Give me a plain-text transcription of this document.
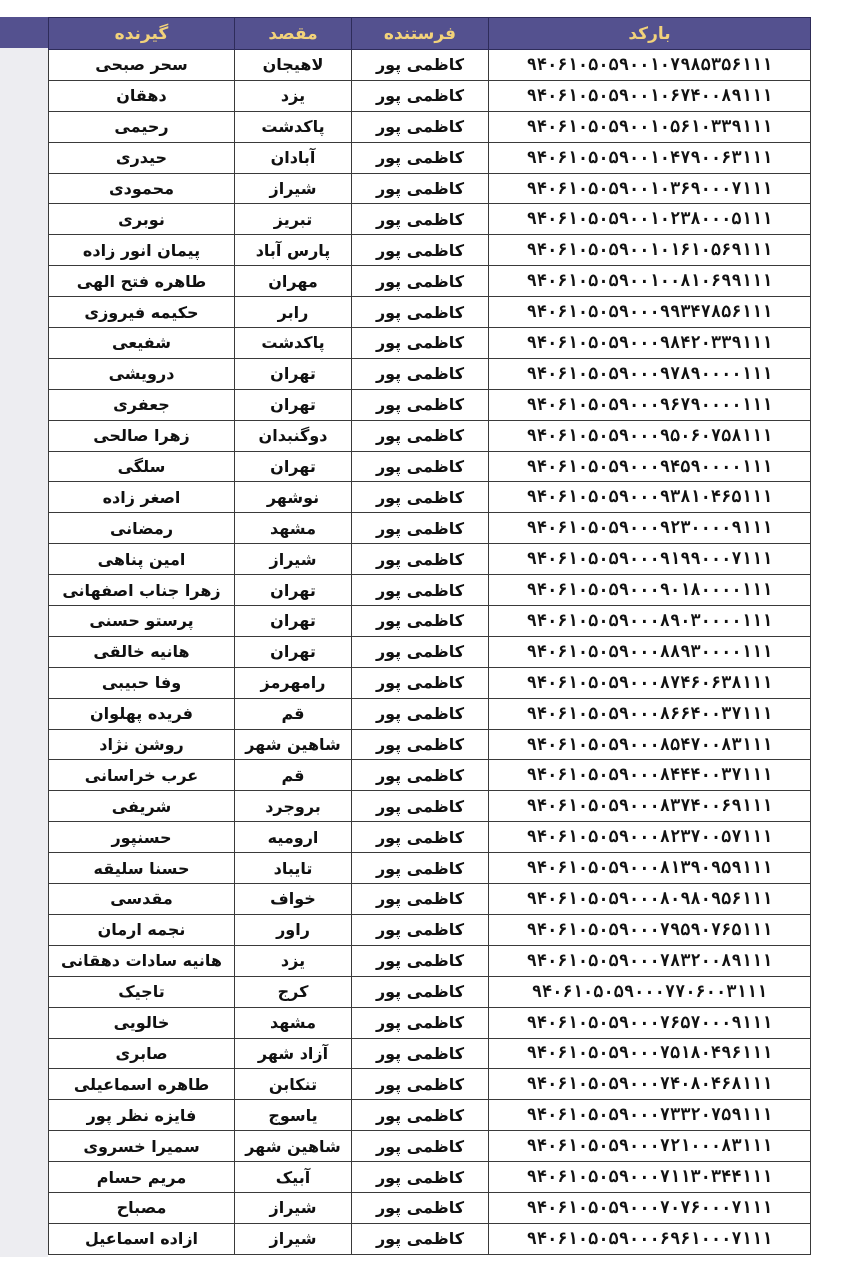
بارکد	فرستنده	مقصد	گیرنده
۹۴۰۶۱۰۵۰۵۹۰۰۱۰۷۹۸۵۳۵۶۱۱۱	کاظمی پور	لاهیجان	سحر صبحی
۹۴۰۶۱۰۵۰۵۹۰۰۱۰۶۷۴۰۰۸۹۱۱۱	کاظمی پور	یزد	دهقان
۹۴۰۶۱۰۵۰۵۹۰۰۱۰۵۶۱۰۳۳۹۱۱۱	کاظمی پور	پاکدشت	رحیمی
۹۴۰۶۱۰۵۰۵۹۰۰۱۰۴۷۹۰۰۶۳۱۱۱	کاظمی پور	آبادان	حیدری
۹۴۰۶۱۰۵۰۵۹۰۰۱۰۳۶۹۰۰۰۷۱۱۱	کاظمی پور	شیراز	محمودی
۹۴۰۶۱۰۵۰۵۹۰۰۱۰۲۳۸۰۰۰۵۱۱۱	کاظمی پور	تبریز	نوبری
۹۴۰۶۱۰۵۰۵۹۰۰۱۰۱۶۱۰۵۶۹۱۱۱	کاظمی پور	پارس آباد	پیمان انور زاده
۹۴۰۶۱۰۵۰۵۹۰۰۱۰۰۸۱۰۶۹۹۱۱۱	کاظمی پور	مهران	طاهره فتح الهی
۹۴۰۶۱۰۵۰۵۹۰۰۰۹۹۳۴۷۸۵۶۱۱۱	کاظمی پور	رابر	حکیمه فیروزی
۹۴۰۶۱۰۵۰۵۹۰۰۰۹۸۴۲۰۳۳۹۱۱۱	کاظمی پور	پاکدشت	شفیعی
۹۴۰۶۱۰۵۰۵۹۰۰۰۹۷۸۹۰۰۰۰۱۱۱	کاظمی پور	تهران	درویشی
۹۴۰۶۱۰۵۰۵۹۰۰۰۹۶۷۹۰۰۰۰۱۱۱	کاظمی پور	تهران	جعفری
۹۴۰۶۱۰۵۰۵۹۰۰۰۹۵۰۶۰۷۵۸۱۱۱	کاظمی پور	دوگنبدان	زهرا صالحی
۹۴۰۶۱۰۵۰۵۹۰۰۰۹۴۵۹۰۰۰۰۱۱۱	کاظمی پور	تهران	سلگی
۹۴۰۶۱۰۵۰۵۹۰۰۰۹۳۸۱۰۴۶۵۱۱۱	کاظمی پور	نوشهر	اصغر زاده
۹۴۰۶۱۰۵۰۵۹۰۰۰۹۲۳۰۰۰۰۹۱۱۱	کاظمی پور	مشهد	رمضانی
۹۴۰۶۱۰۵۰۵۹۰۰۰۹۱۹۹۰۰۰۷۱۱۱	کاظمی پور	شیراز	امین پناهی
۹۴۰۶۱۰۵۰۵۹۰۰۰۹۰۱۸۰۰۰۰۱۱۱	کاظمی پور	تهران	زهرا جناب اصفهانی
۹۴۰۶۱۰۵۰۵۹۰۰۰۸۹۰۳۰۰۰۰۱۱۱	کاظمی پور	تهران	پرستو حسنی
۹۴۰۶۱۰۵۰۵۹۰۰۰۸۸۹۳۰۰۰۰۱۱۱	کاظمی پور	تهران	هانیه خالقی
۹۴۰۶۱۰۵۰۵۹۰۰۰۸۷۴۶۰۶۳۸۱۱۱	کاظمی پور	رامهرمز	وفا حبیبی
۹۴۰۶۱۰۵۰۵۹۰۰۰۸۶۶۴۰۰۳۷۱۱۱	کاظمی پور	قم	فریده پهلوان
۹۴۰۶۱۰۵۰۵۹۰۰۰۸۵۴۷۰۰۸۳۱۱۱	کاظمی پور	شاهین شهر	روشن نژاد
۹۴۰۶۱۰۵۰۵۹۰۰۰۸۴۴۴۰۰۳۷۱۱۱	کاظمی پور	قم	عرب خراسانی
۹۴۰۶۱۰۵۰۵۹۰۰۰۸۳۷۴۰۰۶۹۱۱۱	کاظمی پور	بروجرد	شریفی
۹۴۰۶۱۰۵۰۵۹۰۰۰۸۲۳۷۰۰۵۷۱۱۱	کاظمی پور	ارومیه	حسنپور
۹۴۰۶۱۰۵۰۵۹۰۰۰۸۱۳۹۰۹۵۹۱۱۱	کاظمی پور	تایباد	حسنا سلیقه
۹۴۰۶۱۰۵۰۵۹۰۰۰۸۰۹۸۰۹۵۶۱۱۱	کاظمی پور	خواف	مقدسی
۹۴۰۶۱۰۵۰۵۹۰۰۰۷۹۵۹۰۷۶۵۱۱۱	کاظمی پور	راور	نجمه ارمان
۹۴۰۶۱۰۵۰۵۹۰۰۰۷۸۳۲۰۰۸۹۱۱۱	کاظمی پور	یزد	هانیه سادات دهقانی
۹۴۰۶۱۰۵۰۵۹۰۰۰۷۷۰۶۰۰۳۱۱۱	کاظمی پور	کرج	تاجیک
۹۴۰۶۱۰۵۰۵۹۰۰۰۷۶۵۷۰۰۰۹۱۱۱	کاظمی پور	مشهد	خالویی
۹۴۰۶۱۰۵۰۵۹۰۰۰۷۵۱۸۰۴۹۶۱۱۱	کاظمی پور	آزاد شهر	صابری
۹۴۰۶۱۰۵۰۵۹۰۰۰۷۴۰۸۰۴۶۸۱۱۱	کاظمی پور	تنکابن	طاهره اسماعیلی
۹۴۰۶۱۰۵۰۵۹۰۰۰۷۳۳۲۰۷۵۹۱۱۱	کاظمی پور	یاسوج	فایزه نظر پور
۹۴۰۶۱۰۵۰۵۹۰۰۰۷۲۱۰۰۰۸۳۱۱۱	کاظمی پور	شاهین شهر	سمیرا خسروی
۹۴۰۶۱۰۵۰۵۹۰۰۰۷۱۱۳۰۳۴۴۱۱۱	کاظمی پور	آبیک	مریم حسام
۹۴۰۶۱۰۵۰۵۹۰۰۰۷۰۷۶۰۰۰۷۱۱۱	کاظمی پور	شیراز	مصباح
۹۴۰۶۱۰۵۰۵۹۰۰۰۶۹۶۱۰۰۰۷۱۱۱	کاظمی پور	شیراز	ازاده اسماعیل
